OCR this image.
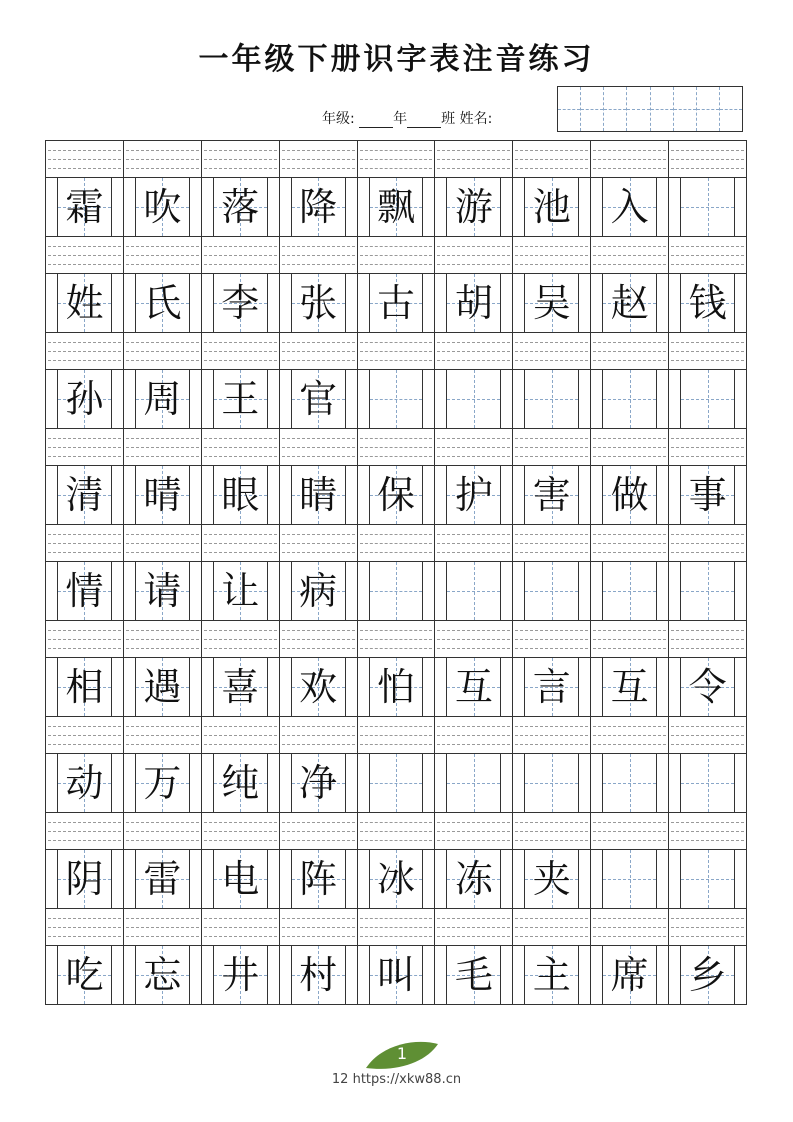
一年级下册识字表注音练习
年级:	年 班 姓名:
霜	吹	落	降	飘	游	池	入
姓	氏	李	张	古	胡	吴	赵	钱
孙	周	王	官
清	晴	眼	睛	保	护	害	做	事
情	请	让	病
相	遇	喜	欢	怕	互	言	互	令
动	万	纯	净
阴	雷	电	阵	冰	冻	夹
吃	忘	井	村	叫	毛	主	席	乡
1
12 https://xkw88.cn
